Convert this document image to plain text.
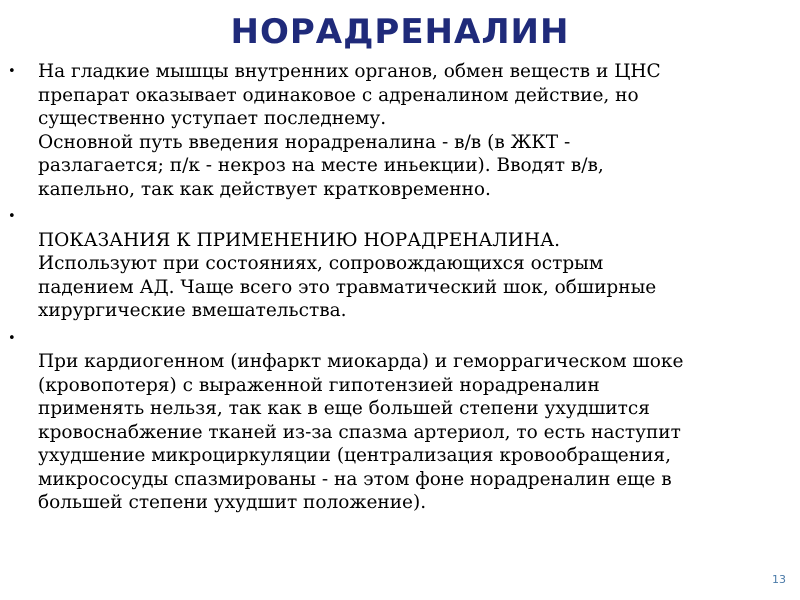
НОРАДРЕНАЛИН
• На гладкие мышцы внутренних органов, обмен веществ и ЦНС
препарат оказывает одинаковое с адреналином действие, но
существенно уступает последнему.
Основной путь введения норадреналина - в/в (в ЖКТ -
разлагается; п/к - некроз на месте иньекции). Вводят в/в,
капельно, так как действует кратковременно.
•
ПОКАЗАНИЯ К ПРИМЕНЕНИЮ НОРАДРЕНАЛИНА.
Используют при состояниях, сопровождающихся острым
падением АД. Чаще всего это травматический шок, обширные
хирургические вмешательства.
•
При кардиогенном (инфаркт миокарда) и геморрагическом шоке
(кровопотеря) с выраженной гипотензией норадреналин
применять нельзя, так как в еще большей степени ухудшится
кровоснабжение тканей из-за спазма артериол, то есть наступит
ухудшение микроциркуляции (централизация кровообращения,
микрососуды спазмированы - на этом фоне норадреналин еще в
большей степени ухудшит положение).
13
